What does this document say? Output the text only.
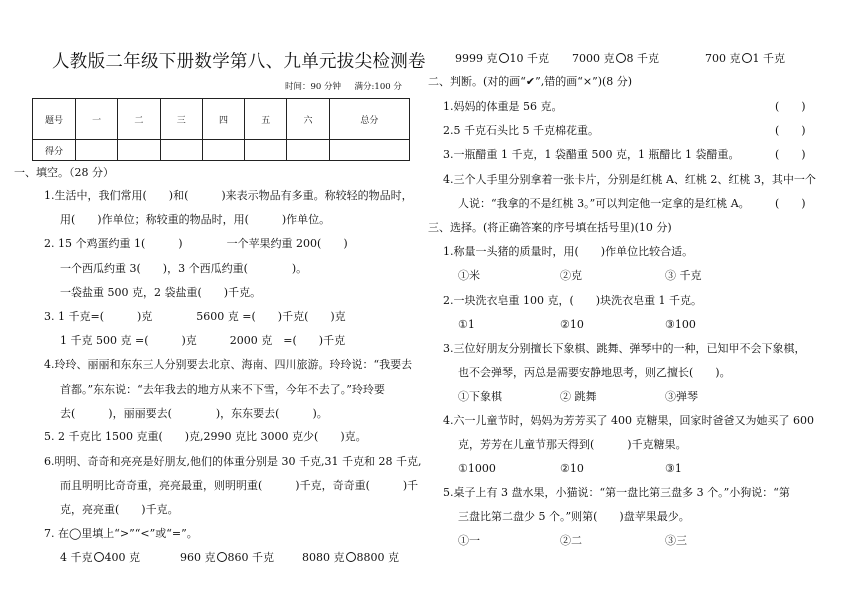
人教版二年级下册数学第八、九单元拔尖检测卷
时间：90 分钟 满分:100 分
题号	一	二	三	四	五	六	总分
得分							
一、填空。（28 分）
1.生活中，我们常用(　　)和(　　　)来表示物品有多重。称较轻的物品时，
用(　　)作单位；称较重的物品时，用(　　　)作单位。
2. 15 个鸡蛋约重 1(　　　)　　　　一个苹果约重 200(　　)
一个西瓜约重 3(　　)，3 个西瓜约重(　　　　)。
一袋盐重 500 克，2 袋盐重(　　)千克。
3. 1 千克=(　　　)克　　　　5600 克 =(　　)千克(　　)克
1 千克 500 克 =(　　　)克　　　2000 克　=(　　)千克
4.玲玲、丽丽和东东三人分别要去北京、海南、四川旅游。玲玲说：“我要去
首都。”东东说：“去年我去的地方从来不下雪，今年不去了。”玲玲要
去(　　　)，丽丽要去(　　　　)，东东要去(　　　)。
5. 2 千克比 1500 克重(　　)克,2990 克比 3000 克少(　　)克。
6.明明、奇奇和亮亮是好朋友,他们的体重分别是 30 千克,31 千克和 28 千克,
而且明明比奇奇重，亮亮最重，则明明重(　　　)千克，奇奇重(　　　)千
克，亮亮重(　　)千克。
7. 在◯里填上“>”“<”或“=”。
4 千克 400 克	960 克 860 千克	8080 克 8800 克
9999 克 10 千克 7000 克 8 千克	700 克 1 千克
二、判断。(对的画“✔”,错的画“×”)(8 分)
1.妈妈的体重是 56 克。	(　　)
2.5 千克石头比 5 千克棉花重。	(　　)
3.一瓶醋重 1 千克，1 袋醋重 500 克，1 瓶醋比 1 袋醋重。	(　　)
4.三个人手里分别拿着一张卡片，分别是红桃 A、红桃 2、红桃 3，其中一个
人说：“我拿的不是红桃 3。”可以判定他一定拿的是红桃 A。 (　　)
三、选择。(将正确答案的序号填在括号里)(10 分)
1.称量一头猪的质量时，用(　　)作单位比较合适。
①米	②克	③ 千克
2.一块洗衣皂重 100 克，(　　)块洗衣皂重 1 千克。
①1	②10	③100
3.三位好朋友分别擅长下象棋、跳舞、弹琴中的一种，已知甲不会下象棋，
也不会弹琴，丙总是需要安静地思考，则乙擅长(　　)。
①下象棋	② 跳舞	③弹琴
4.六一儿童节时，妈妈为芳芳买了 400 克糖果，回家时爸爸又为她买了 600
克，芳芳在儿童节那天得到(　　　)千克糖果。
①1000	②10	③1
5.桌子上有 3 盘水果，小猫说：“第一盘比第三盘多 3 个。”小狗说：“第
三盘比第二盘少 5 个。”则第(　　)盘苹果最少。
①一	②二	③三
